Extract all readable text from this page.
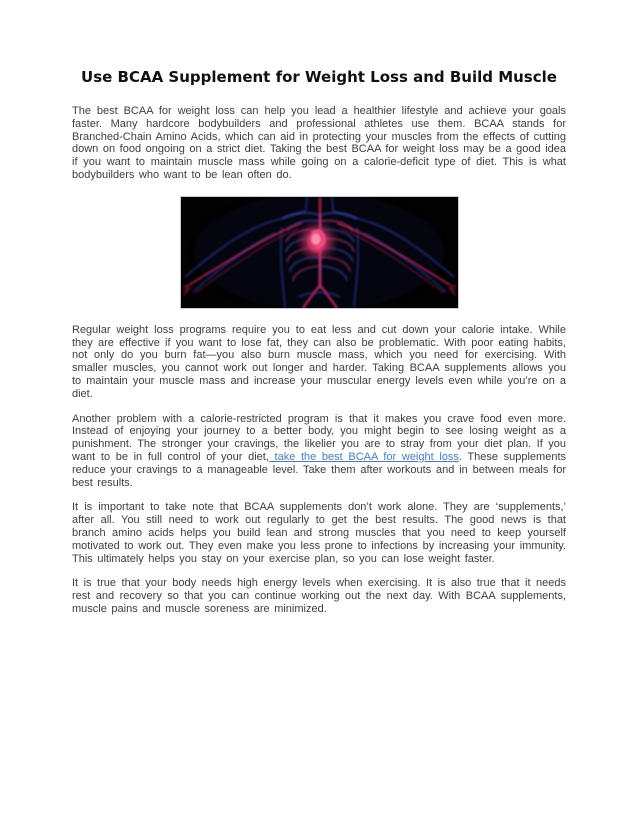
Use BCAA Supplement for Weight Loss and Build Muscle

The best BCAA for weight loss can help you lead a healthier lifestyle and achieve your goals faster. Many hardcore bodybuilders and professional athletes use them. BCAA stands for Branched-Chain Amino Acids, which can aid in protecting your muscles from the effects of cutting down on food ongoing on a strict diet. Taking the best BCAA for weight loss may be a good idea if you want to maintain muscle mass while going on a calorie-deficit type of diet. This is what bodybuilders who want to be lean often do.

Regular weight loss programs require you to eat less and cut down your calorie intake. While they are effective if you want to lose fat, they can also be problematic. With poor eating habits, not only do you burn fat—you also burn muscle mass, which you need for exercising. With smaller muscles, you cannot work out longer and harder. Taking BCAA supplements allows you to maintain your muscle mass and increase your muscular energy levels even while you’re on a diet.

Another problem with a calorie-restricted program is that it makes you crave food even more. Instead of enjoying your journey to a better body, you might begin to see losing weight as a punishment. The stronger your cravings, the likelier you are to stray from your diet plan. If you want to be in full control of your diet, take the best BCAA for weight loss. These supplements reduce your cravings to a manageable level. Take them after workouts and in between meals for best results.

It is important to take note that BCAA supplements don’t work alone. They are ‘supplements,’ after all. You still need to work out regularly to get the best results. The good news is that branch amino acids helps you build lean and strong muscles that you need to keep yourself motivated to work out. They even make you less prone to infections by increasing your immunity. This ultimately helps you stay on your exercise plan, so you can lose weight faster.

It is true that your body needs high energy levels when exercising. It is also true that it needs rest and recovery so that you can continue working out the next day. With BCAA supplements, muscle pains and muscle soreness are minimized.
